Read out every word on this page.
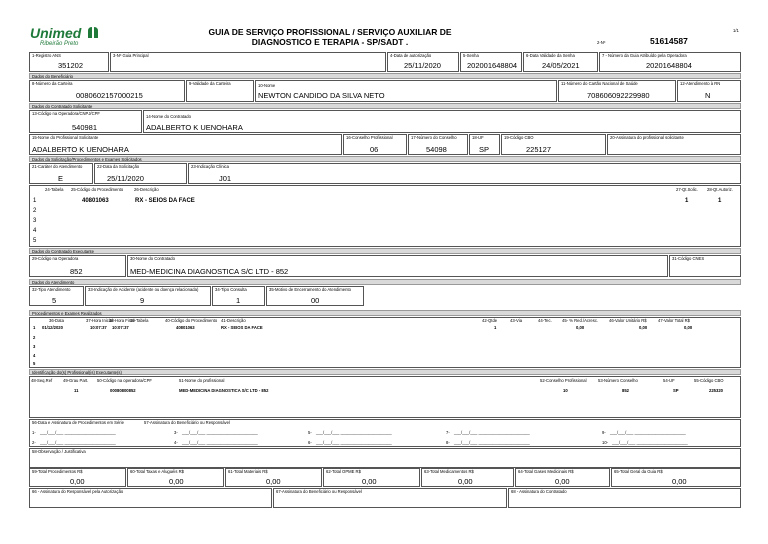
Unimed
Ribeirão Preto
GUIA DE SERVIÇO PROFISSIONAL / SERVIÇO AUXILIAR DE
DIAGNOSTICO E TERAPIA - SP/SADT .
1/1
2-Nº	51614587
1-Registro ANS
351202
3-Nº Guia Principal	4-Data de autorização
25/11/2020
5-Senha
202001648804
6-Data Validade da Senha
24/05/2021
7 - Número da Guia Atribuído pela Operadora
20201648804
Dados do Beneficiário
8-Número da Carteira
0080602157000215
9-Validade da Carteira	10-Nome
NEWTON CANDIDO DA SILVA NETO
11-Número do Cartão Nacional de Saúde
708606092229980
12-Atendimento à RN
N
Dados do Contratado Solicitante
13-Código na Operadora/CNPJ/CPF
540981
14-Nome do Contratado
ADALBERTO K UENOHARA
15-Nome do Profissional Solicitante
ADALBERTO K UENOHARA
16-Conselho Profissional
06
17-Número do Conselho
54098
18-UF
SP
19-Código CBO
225127
20-Assinatura do profissional solicitante
Dados da Solicitação/Procedimentos e Exames Solicitados
21-Caráter do Atendimento
E
22-Data da Solicitação
25/11/2020
23-Indicação Clínica
J01
24-Tabela 25-Código do Procedimento	26-Descrição	27-Qt.Solic. 28-Qt.Autoriz.
1	40801063	RX - SEIOS DA FACE	1	1
2
3
4
5
Dados do Contratado Executante
29-Código na Operadora
852
30-Nome do Contratado
MED-MEDICINA DIAGNOSTICA S/C LTD - 852
31-Código CNES
Dados do Atendimento
32-Tipo Atendimento
5
33-Indicação de Acidente (acidente ou doença relacionada)
9
34-Tipo Consulta
1
35-Motivo de Encerramento do Atendimento
00
Procedimentos e Exames Realizados
36-Data	37-Hora Inicial
38-Hora Final
39-Tabela	40-Código do Procedimento 41-Descrição	42-Qtde	43-Via	44-Tec. 45- % Red./Acresc.	46-Valor Unitário R$	47-Valor Total R$
1 01/12/2020	10:07:37 10:07:37	40801063	RX - SEIOS DA FACE	1	0,00	0,00	0,00
2
3
4
5
Identificação do(s) Profissional(is) Executante(s)
48-Seq.Ref	49-Grau Part. 50-Código na operadora/CPF	51-Nome do profissional	52-Conselho Profissional	53-Número Conselho	54-UF	55-Código CBO
11	00080800852	MED-MEDICINA DIAGNOSTICA S/C LTD - 852	10	852	SP	225320
56-Data e Assinatura de Procedimentos em Série	57-Assinatura do Beneficiário ou Responsável
1- ___/___/___ ______________________
2- ___/___/___ ______________________
3- ___/___/___ ______________________
4- ___/___/___ ______________________
5- ___/___/___ ______________________
6- ___/___/___ ______________________
7- ___/___/___ ______________________
8- ___/___/___ ______________________
9- ___/___/___ ______________________
10- ___/___/___ ______________________
58-Observação / Justificativa
59-Total Procedimentos R$
0,00
60-Total Taxas e Aluguéis R$
0,00
61-Total Materiais R$
0,00
62-Total OPME R$
0,00
63-Total Medicamentos R$
0,00
64-Total Gases Medicinais R$
0,00
65-Total Geral da Guia R$
0,00
66 - Assinatura do Responsável pela Autorização	67-Assinatura do Beneficiário ou Responsável	68 - Assinatura do Contratado
